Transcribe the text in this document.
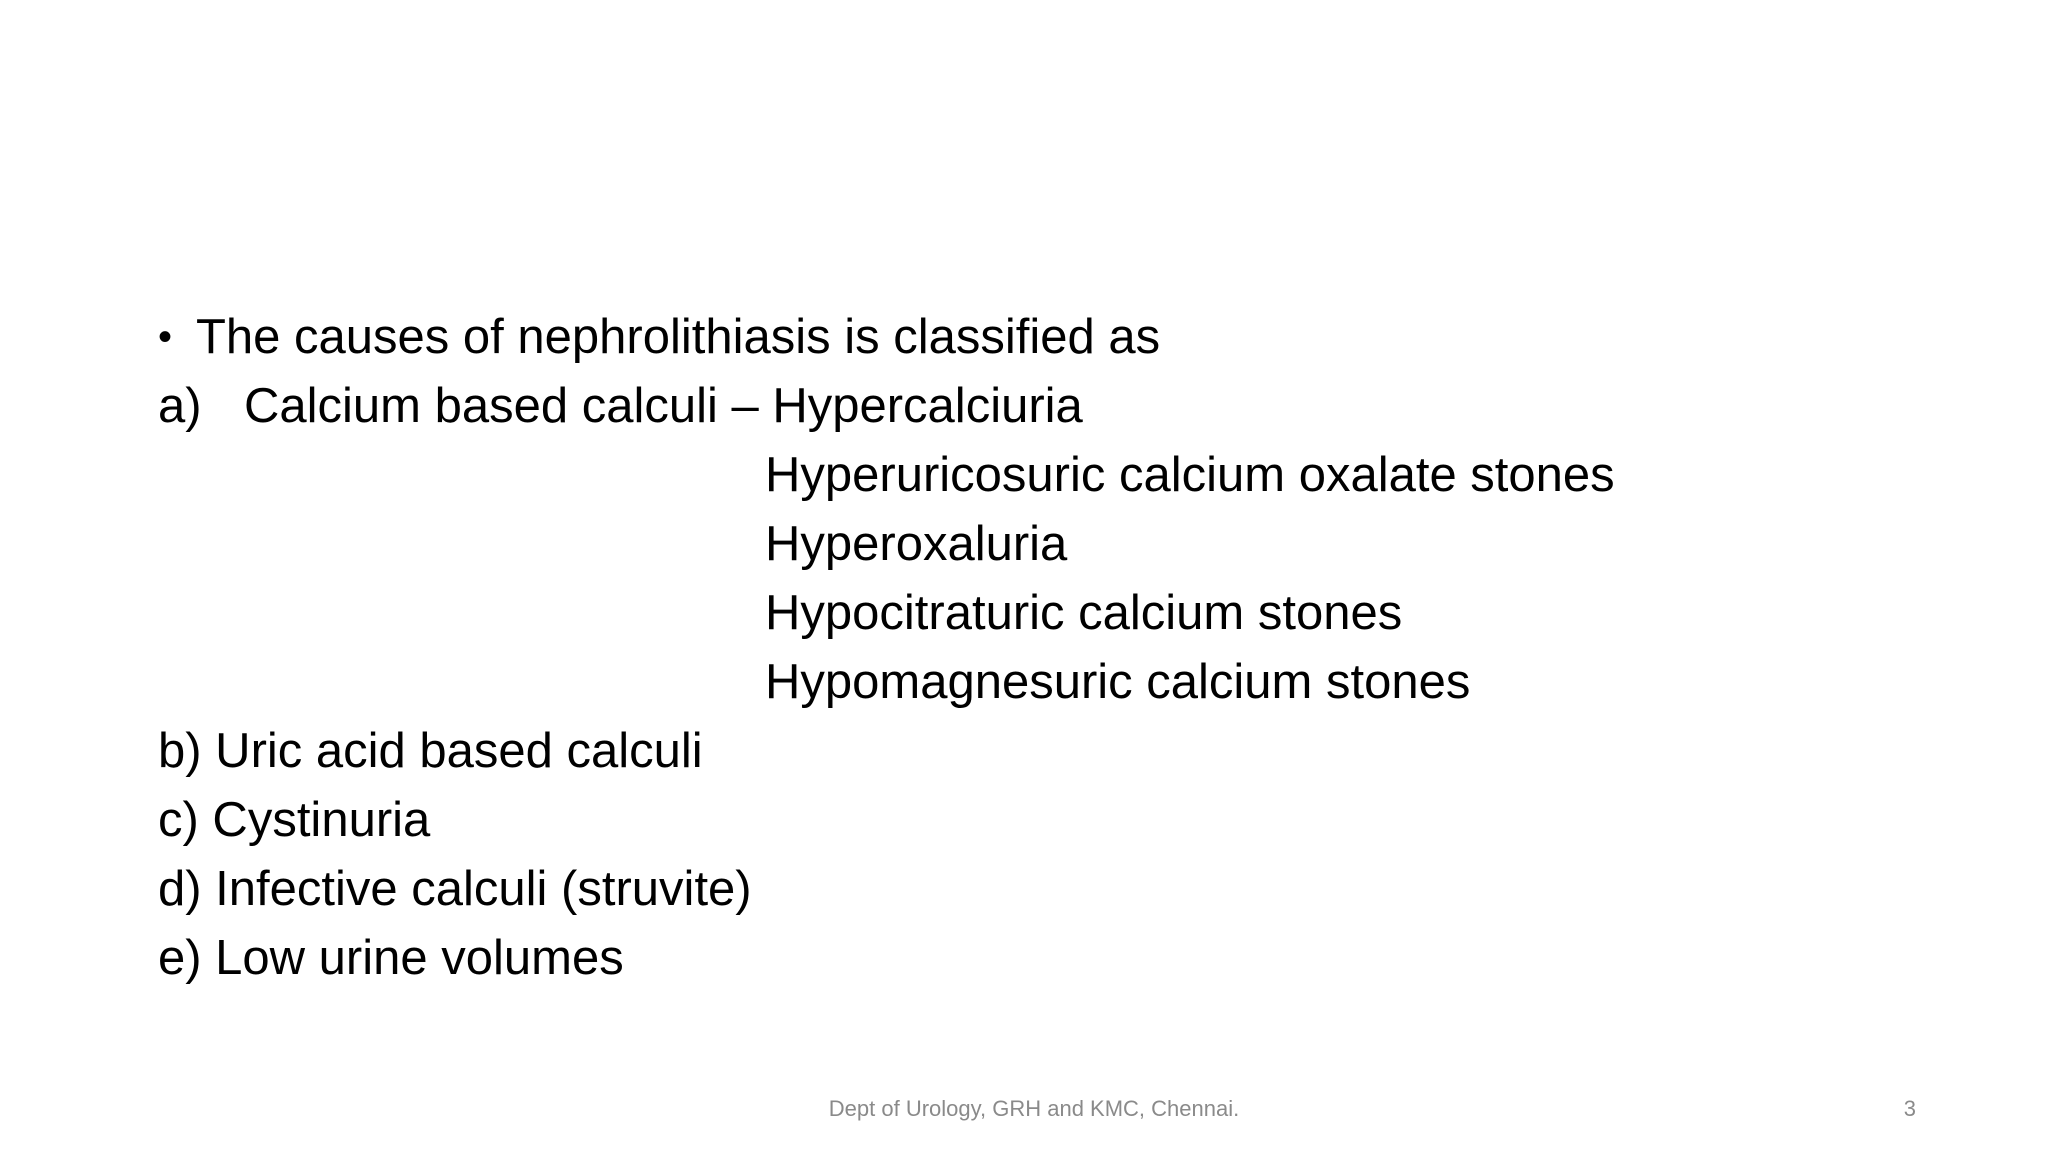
• The causes of nephrolithiasis is classified as
a) Calcium based calculi – Hypercalciuria
Hyperuricosuric calcium oxalate stones
Hyperoxaluria
Hypocitraturic calcium stones
Hypomagnesuric calcium stones
b) Uric acid based calculi
c) Cystinuria
d) Infective calculi (struvite)
e) Low urine volumes
Dept of Urology, GRH and KMC, Chennai.	3
